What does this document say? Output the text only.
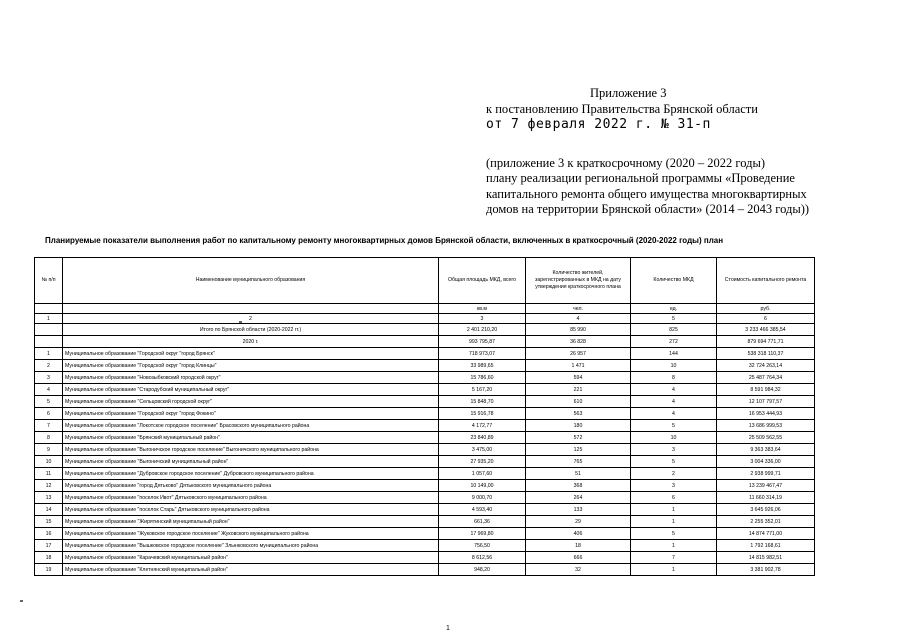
Приложение 3
к постановлению Правительства Брянской области
от 7 февраля 2022 г. № 31-п
(приложение 3 к краткосрочному (2020 – 2022 годы)
плану реализации региональной программы «Проведение
капитального ремонта общего имущества многоквартирных
домов на территории Брянской области» (2014 – 2043 годы))
Планируемые показатели выполнения работ по капитальному ремонту многоквартирных домов Брянской области, включенных в краткосрочный (2020-2022 годы) план
№ п/п	Наименование муниципального образования	Общая площадь МКД, всего	Количество жителей, зарегистрированных в МКД на дату утверждения краткосрочного плана	Количество МКД	Стоимость капитального ремонта
		кв.м	чел.	ед.	руб.
1	2	3	4	5	6
	Итого по Брянской области (2020-2022 гг.)	2 401 210,20	85 990	825	3 233 466 385,54
	2020 г.	993 795,87	36 828	272	879 694 771,71
1	Муниципальное образование "Городской округ "город Брянск"	718 973,07	26 957	144	538 318 110,37
2	Муниципальное образование "Городской округ "город Клинцы"	33 989,65	1 471	10	32 724 263,14
3	Муниципальное образование "Новозыбковский городской округ"	15 786,60	594	8	25 487 764,34
4	Муниципальное образование "Стародубский муниципальный округ"	5 167,20	221	4	8 591 984,32
5	Муниципальное образование "Сельцовский городской округ"	15 848,70	610	4	12 107 797,57
6	Муниципальное образование "Городской округ "город Фокино"	15 916,78	563	4	16 953 444,93
7	Муниципальное образование "Локотское городское поселение" Брасовского муниципального района	4 172,77	180	5	13 686 999,53
8	Муниципальное образование "Брянский муниципальный район"	23 840,89	572	10	25 509 562,55
9	Муниципальное образование "Выгоничское городское поселение" Выгоничского муниципального района	3 475,00	125	3	9 363 383,64
10	Муниципальное образование "Выгоничский муниципальный район"	27 935,20	765	5	3 004 336,00
11	Муниципальное образование "Дубровское городское поселение" Дубровского муниципального района	1 057,60	51	2	2 938 999,71
12	Муниципальное образование "город Дятьково" Дятьковского муниципального района	10 149,00	368	3	13 239 467,47
13	Муниципальное образование "поселок Ивот" Дятьковского муниципального района	9 000,70	264	6	11 660 314,19
14	Муниципальное образование "поселок Старь" Дятьковского муниципального района	4 593,40	133	1	3 645 926,06
15	Муниципальное образование "Жирятинский муниципальный район"	661,36	29	1	2 255 352,01
16	Муниципальное образование "Жуковское городское поселение" Жуковского муниципального района	17 969,80	406	5	14 874 771,00
17	Муниципальное образование "Вышковское городское поселение" Злынковского муниципального района	756,50	18	1	1 792 168,61
18	Муниципальное образование "Карачевский муниципальный район"	8 612,56	666	7	14 815 982,51
19	Муниципальное образование "Клетнянский муниципальный район"	948,20	32	1	3 381 902,78
1
